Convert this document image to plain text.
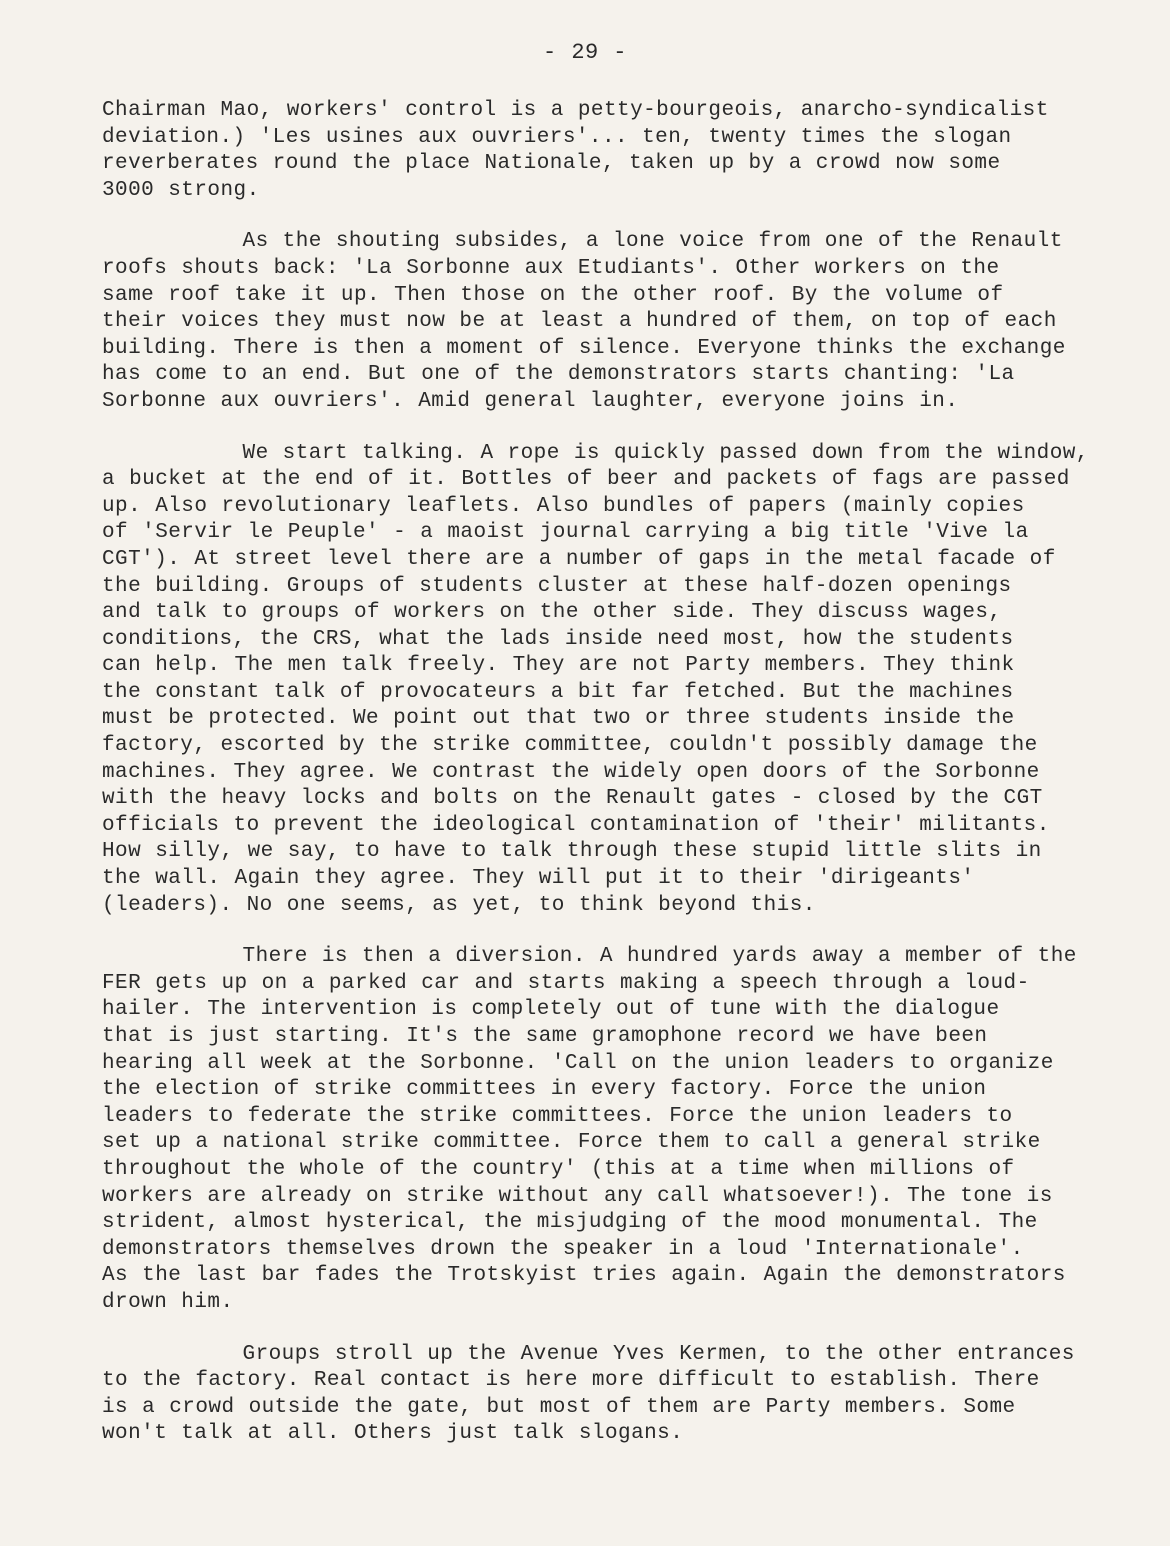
- 29 -
Chairman Mao, workers' control is a petty-bourgeois, anarcho-syndicalist
deviation.) 'Les usines aux ouvriers'... ten, twenty times the slogan
reverberates round the place Nationale, taken up by a crowd now some
3000 strong.
As the shouting subsides, a lone voice from one of the Renault
roofs shouts back: 'La Sorbonne aux Etudiants'. Other workers on the
same roof take it up. Then those on the other roof. By the volume of
their voices they must now be at least a hundred of them, on top of each
building. There is then a moment of silence. Everyone thinks the exchange
has come to an end. But one of the demonstrators starts chanting: 'La
Sorbonne aux ouvriers'. Amid general laughter, everyone joins in.
We start talking. A rope is quickly passed down from the window,
a bucket at the end of it. Bottles of beer and packets of fags are passed
up. Also revolutionary leaflets. Also bundles of papers (mainly copies
of 'Servir le Peuple' - a maoist journal carrying a big title 'Vive la
CGT'). At street level there are a number of gaps in the metal facade of
the building. Groups of students cluster at these half-dozen openings
and talk to groups of workers on the other side. They discuss wages,
conditions, the CRS, what the lads inside need most, how the students
can help. The men talk freely. They are not Party members. They think
the constant talk of provocateurs a bit far fetched. But the machines
must be protected. We point out that two or three students inside the
factory, escorted by the strike committee, couldn't possibly damage the
machines. They agree. We contrast the widely open doors of the Sorbonne
with the heavy locks and bolts on the Renault gates - closed by the CGT
officials to prevent the ideological contamination of 'their' militants.
How silly, we say, to have to talk through these stupid little slits in
the wall. Again they agree. They will put it to their 'dirigeants'
(leaders). No one seems, as yet, to think beyond this.
There is then a diversion. A hundred yards away a member of the
FER gets up on a parked car and starts making a speech through a loud-
hailer. The intervention is completely out of tune with the dialogue
that is just starting. It's the same gramophone record we have been
hearing all week at the Sorbonne. 'Call on the union leaders to organize
the election of strike committees in every factory. Force the union
leaders to federate the strike committees. Force the union leaders to
set up a national strike committee. Force them to call a general strike
throughout the whole of the country' (this at a time when millions of
workers are already on strike without any call whatsoever!). The tone is
strident, almost hysterical, the misjudging of the mood monumental. The
demonstrators themselves drown the speaker in a loud 'Internationale'.
As the last bar fades the Trotskyist tries again. Again the demonstrators
drown him.
Groups stroll up the Avenue Yves Kermen, to the other entrances
to the factory. Real contact is here more difficult to establish. There
is a crowd outside the gate, but most of them are Party members. Some
won't talk at all. Others just talk slogans.
